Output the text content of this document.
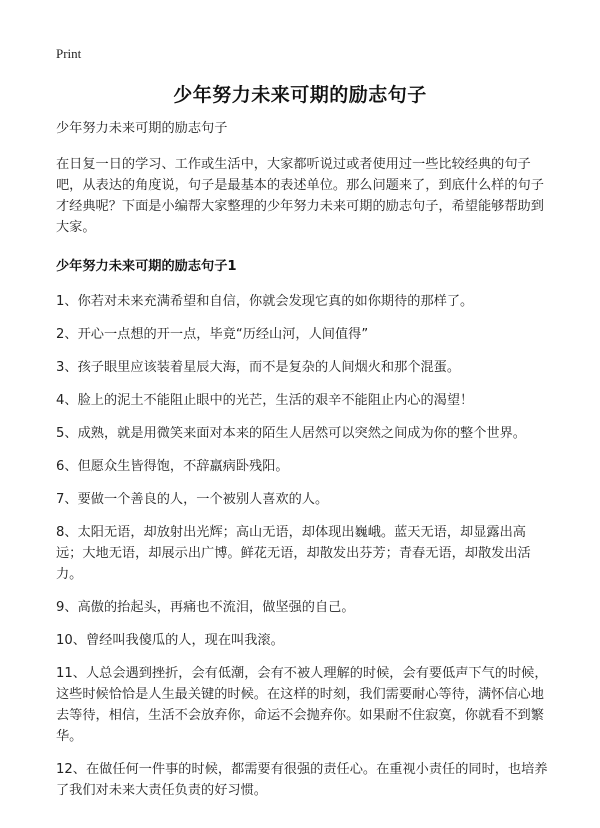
Print
少年努力未来可期的励志句子

少年努力未来可期的励志句子

在日复一日的学习、工作或生活中，大家都听说过或者使用过一些比较经典的句子吧，从表达的角度说，句子是最基本的表述单位。那么问题来了，到底什么样的句子才经典呢？下面是小编帮大家整理的少年努力未来可期的励志句子，希望能够帮助到大家。

少年努力未来可期的励志句子1

1、你若对未来充满希望和自信，你就会发现它真的如你期待的那样了。

2、开心一点想的开一点，毕竟“历经山河，人间值得”

3、孩子眼里应该装着星辰大海，而不是复杂的人间烟火和那个混蛋。

4、脸上的泥土不能阻止眼中的光芒，生活的艰辛不能阻止内心的渴望！

5、成熟，就是用微笑来面对本来的陌生人居然可以突然之间成为你的整个世界。

6、但愿众生皆得饱，不辞羸病卧残阳。

7、要做一个善良的人，一个被别人喜欢的人。

8、太阳无语，却放射出光辉；高山无语，却体现出巍峨。蓝天无语，却显露出高远；大地无语，却展示出广博。鲜花无语，却散发出芬芳；青春无语，却散发出活力。

9、高傲的抬起头，再痛也不流泪，做坚强的自己。

10、曾经叫我傻瓜的人，现在叫我滚。

11、人总会遇到挫折，会有低潮，会有不被人理解的时候，会有要低声下气的时候，这些时候恰恰是人生最关键的时候。在这样的时刻，我们需要耐心等待，满怀信心地去等待，相信，生活不会放弃你，命运不会抛弃你。如果耐不住寂寞，你就看不到繁华。

12、在做任何一件事的时候，都需要有很强的责任心。在重视小责任的同时，也培养了我们对未来大责任负责的好习惯。
